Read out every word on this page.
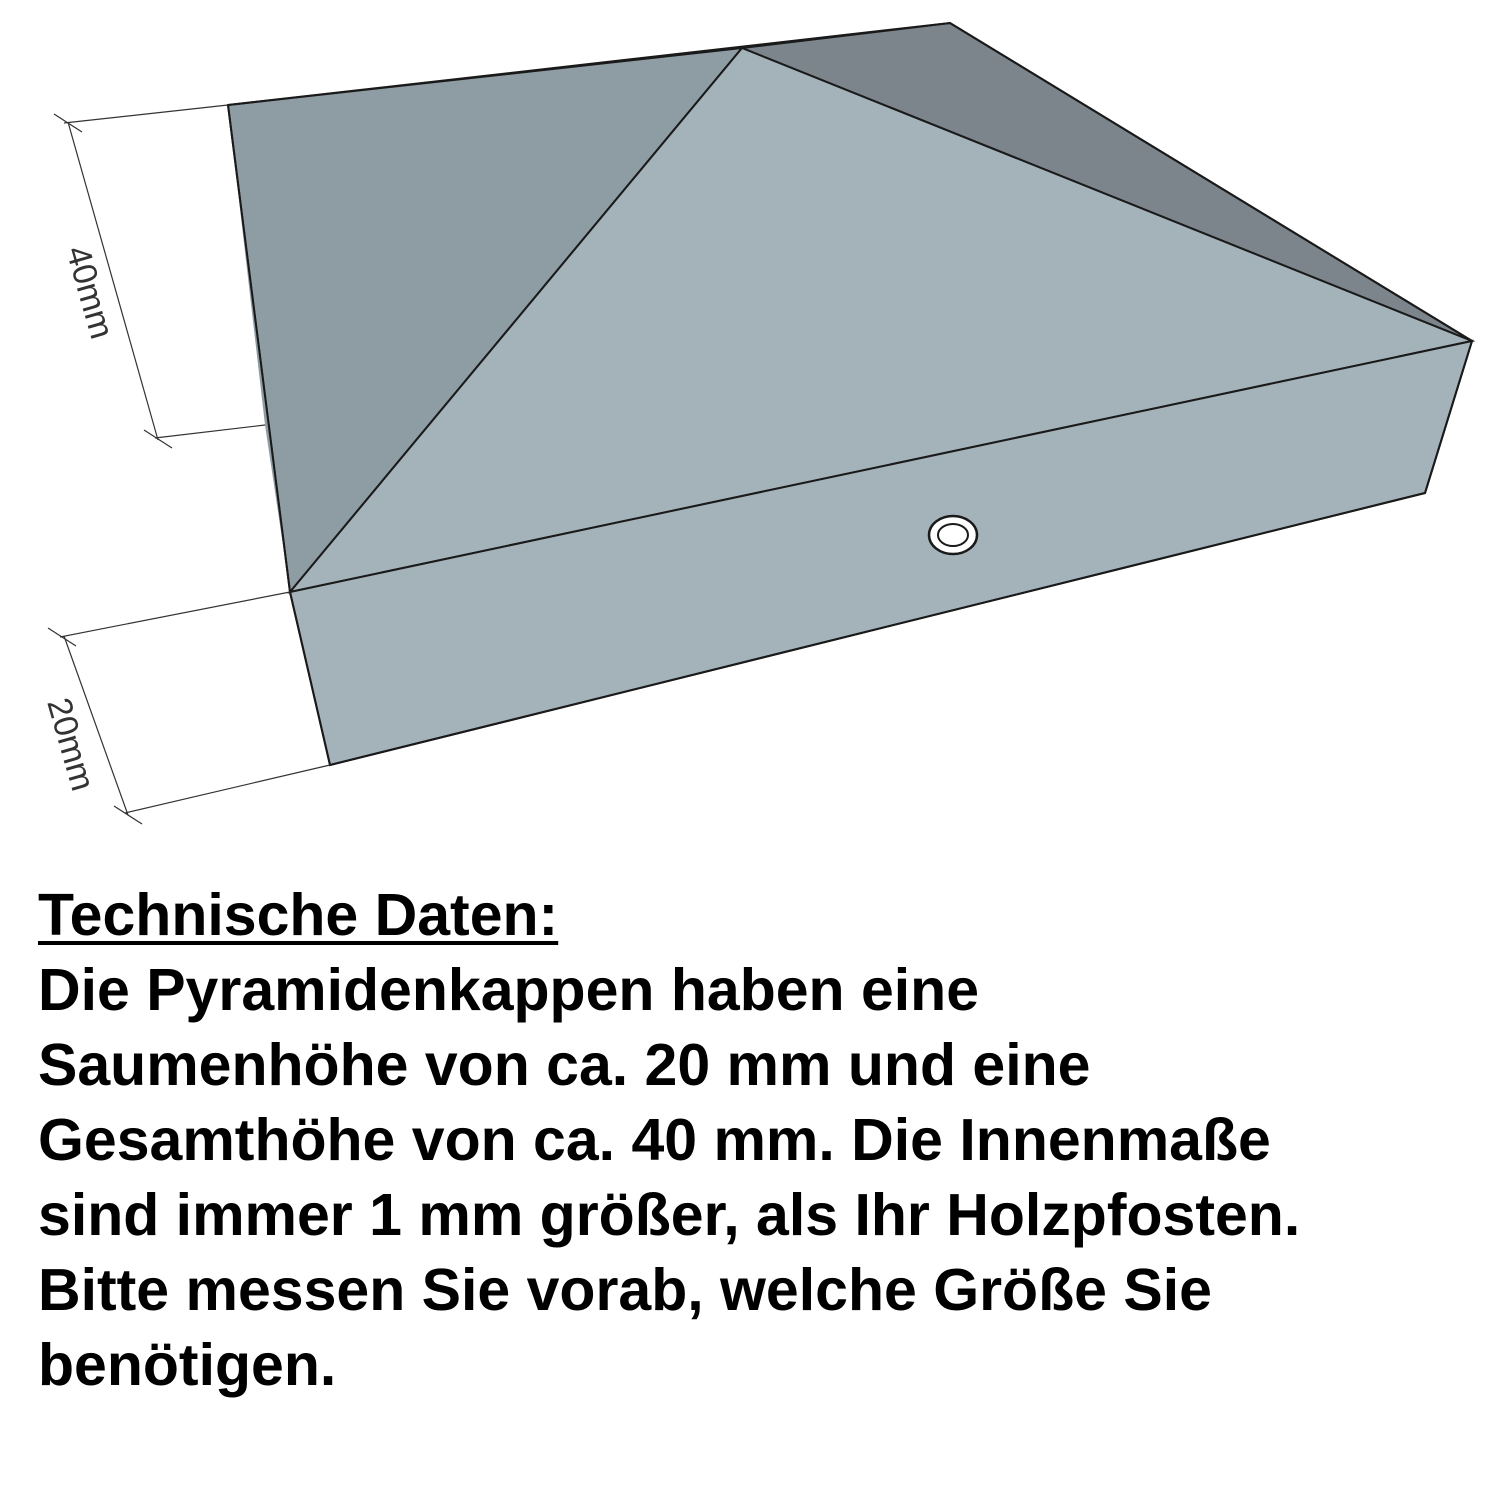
40mm
20mm
Technische Daten:
Die Pyramidenkappen haben eine
Saumenhöhe von ca. 20 mm und eine
Gesamthöhe von ca. 40 mm. Die Innenmaße
sind immer 1 mm größer, als Ihr Holzpfosten.
Bitte messen Sie vorab, welche Größe Sie
benötigen.
